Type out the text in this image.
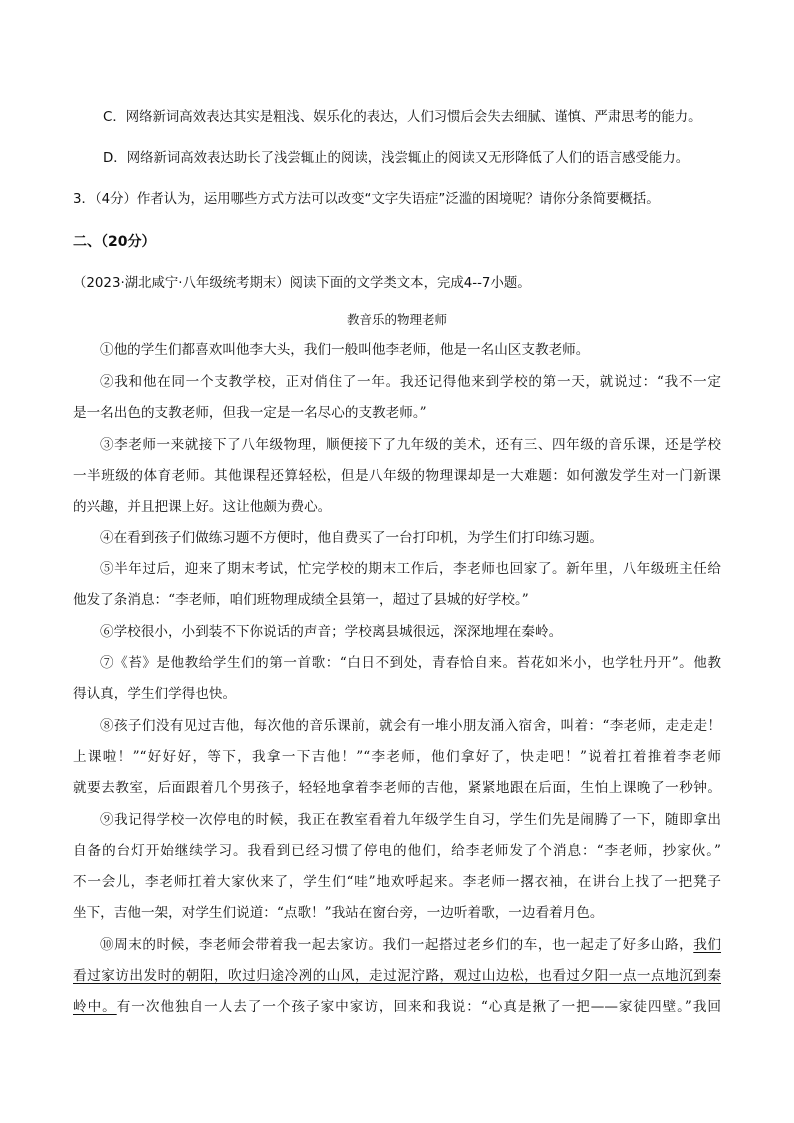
C．网络新词高效表达其实是粗浅、娱乐化的表达，人们习惯后会失去细腻、谨慎、严肃思考的能力。
D．网络新词高效表达助长了浅尝辄止的阅读，浅尝辄止的阅读又无形降低了人们的语言感受能力。
3．（4分）作者认为，运用哪些方式方法可以改变“文字失语症”泛滥的困境呢？请你分条简要概括。
二、（20分）
（2023·湖北咸宁·八年级统考期末）阅读下面的文学类文本，完成4--7小题。
教音乐的物理老师
①他的学生们都喜欢叫他李大头，我们一般叫他李老师，他是一名山区支教老师。
②我和他在同一个支教学校，正对俏住了一年。我还记得他来到学校的第一天，就说过：“我不一定
是一名出色的支教老师，但我一定是一名尽心的支教老师。”
③李老师一来就接下了八年级物理，顺便接下了九年级的美术，还有三、四年级的音乐课，还是学校
一半班级的体育老师。其他课程还算轻松，但是八年级的物理课却是一大难题：如何激发学生对一门新课
的兴趣，并且把课上好。这让他颇为费心。
④在看到孩子们做练习题不方便时，他自费买了一台打印机，为学生们打印练习题。
⑤半年过后，迎来了期末考试，忙完学校的期末工作后，李老师也回家了。新年里，八年级班主任给
他发了条消息：“李老师，咱们班物理成绩全县第一，超过了县城的好学校。”
⑥学校很小，小到装不下你说话的声音；学校离县城很远，深深地埋在秦岭。
⑦《苔》是他教给学生们的第一首歌：“白日不到处，青春恰自来。苔花如米小，也学牡丹开”。他教
得认真，学生们学得也快。
⑧孩子们没有见过吉他，每次他的音乐课前，就会有一堆小朋友涌入宿舍，叫着：“李老师，走走走！
上课啦！”“好好好，等下，我拿一下吉他！”“李老师，他们拿好了，快走吧！”说着扛着推着李老师
就要去教室，后面跟着几个男孩子，轻轻地拿着李老师的吉他，紧紧地跟在后面，生怕上课晚了一秒钟。
⑨我记得学校一次停电的时候，我正在教室看着九年级学生自习，学生们先是闹腾了一下，随即拿出
自备的台灯开始继续学习。我看到已经习惯了停电的他们，给李老师发了个消息：“李老师，抄家伙。”
不一会儿，李老师扛着大家伙来了，学生们“哇”地欢呼起来。李老师一撂衣袖，在讲台上找了一把凳子
坐下，吉他一架，对学生们说道：“点歌！”我站在窗台旁，一边听着歌，一边看着月色。
⑩周末的时候，李老师会带着我一起去家访。我们一起搭过老乡们的车，也一起走了好多山路，我们
看过家访出发时的朝阳，吹过归途冷冽的山风，走过泥泞路，观过山边松，也看过夕阳一点一点地沉到秦
岭中。有一次他独自一人去了一个孩子家中家访，回来和我说：“心真是揪了一把——家徒四壁。”我回
